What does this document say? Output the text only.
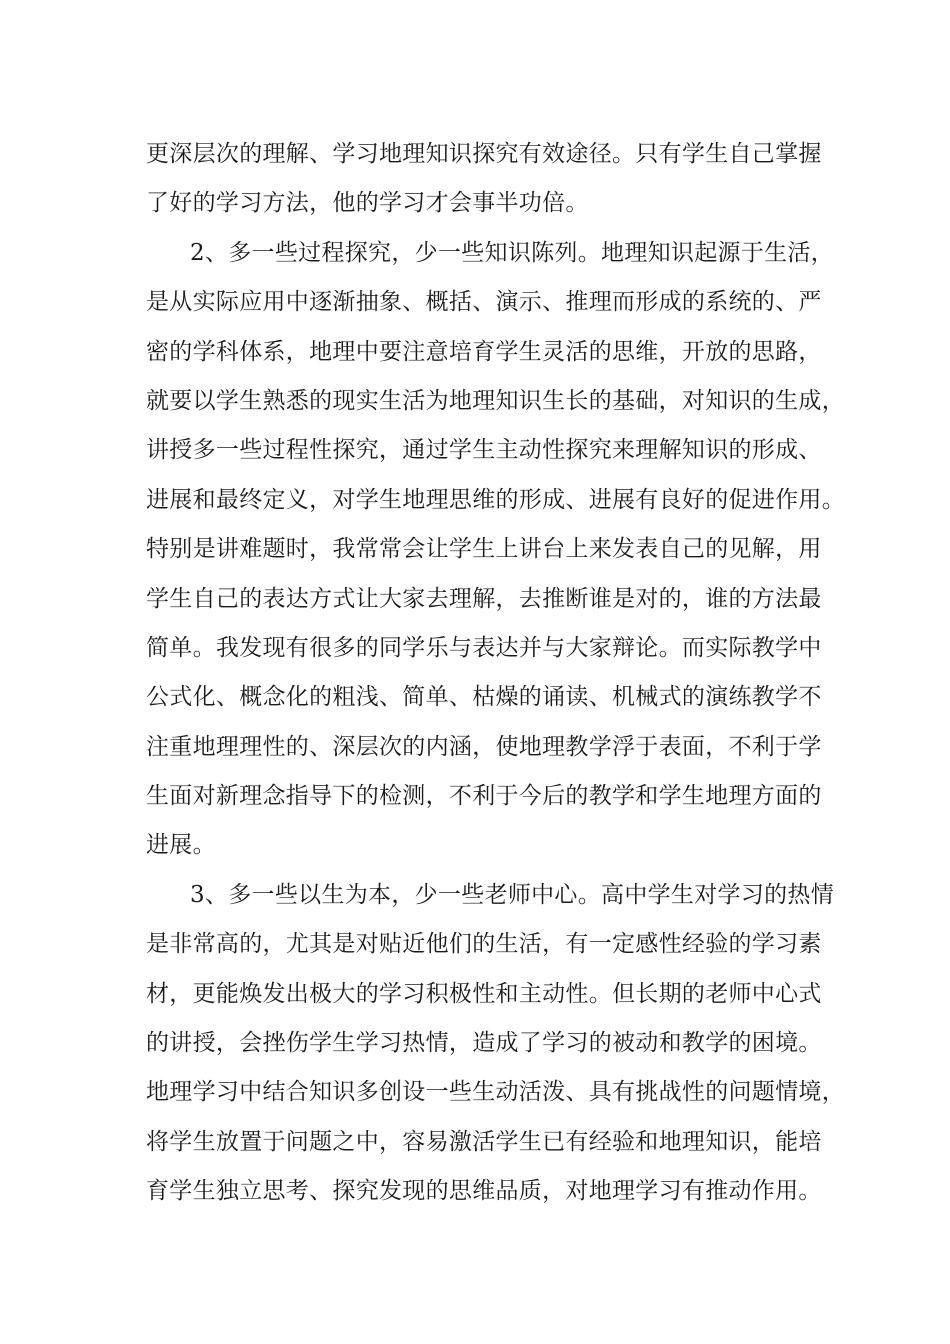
更深层次的理解、学习地理知识探究有效途径。只有学生自己掌握
了好的学习方法，他的学习才会事半功倍。
2、多一些过程探究，少一些知识陈列。地理知识起源于生活，
是从实际应用中逐渐抽象、概括、演示、推理而形成的系统的、严
密的学科体系，地理中要注意培育学生灵活的思维，开放的思路，
就要以学生熟悉的现实生活为地理知识生长的基础，对知识的生成，
讲授多一些过程性探究，通过学生主动性探究来理解知识的形成、
进展和最终定义，对学生地理思维的形成、进展有良好的促进作用。
特别是讲难题时，我常常会让学生上讲台上来发表自己的见解，用
学生自己的表达方式让大家去理解，去推断谁是对的，谁的方法最
简单。我发现有很多的同学乐与表达并与大家辩论。而实际教学中
公式化、概念化的粗浅、简单、枯燥的诵读、机械式的演练教学不
注重地理理性的、深层次的内涵，使地理教学浮于表面，不利于学
生面对新理念指导下的检测，不利于今后的教学和学生地理方面的
进展。
3、多一些以生为本，少一些老师中心。高中学生对学习的热情
是非常高的，尤其是对贴近他们的生活，有一定感性经验的学习素
材，更能焕发出极大的学习积极性和主动性。但长期的老师中心式
的讲授，会挫伤学生学习热情，造成了学习的被动和教学的困境。
地理学习中结合知识多创设一些生动活泼、具有挑战性的问题情境，
将学生放置于问题之中，容易激活学生已有经验和地理知识，能培
育学生独立思考、探究发现的思维品质，对地理学习有推动作用。
